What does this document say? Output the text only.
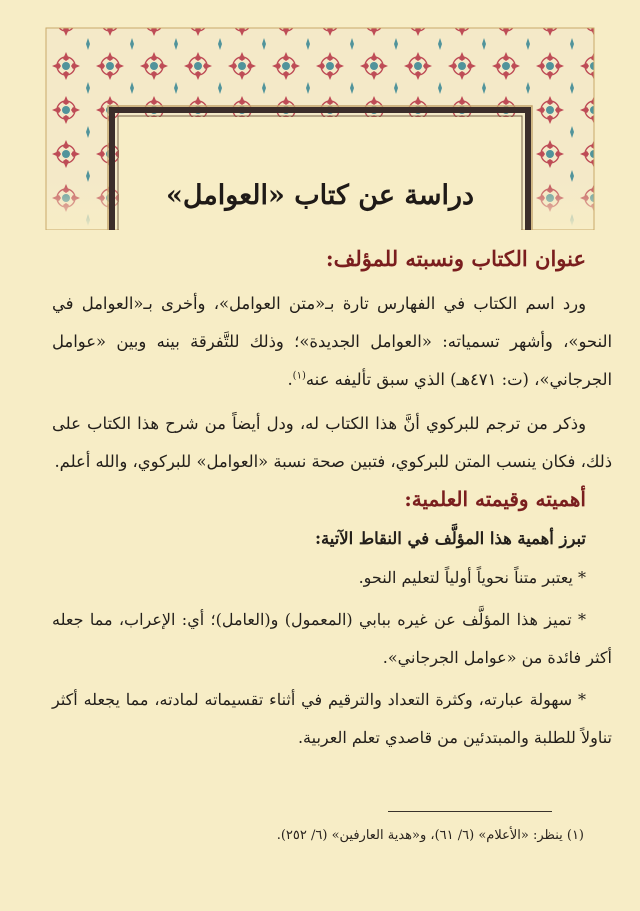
دراسة عن كتاب «العوامل»
عنوان الكتاب ونسبته للمؤلف:

ورد اسم الكتاب في الفهارس تارة بـ«متن العوامل»، وأخرى بـ«العوامل في النحو»، وأشهر تسمياته: «العوامل الجديدة»؛ وذلك للتَّفرقة بينه وبين «عوامل الجرجاني»، (ت: ٤٧١هـ) الذي سبق تأليفه عنه$^{(١)}$.

وذكر من ترجم للبركوي أنَّ هذا الكتاب له، ودل أيضاً من شرح هذا الكتاب على ذلك، فكان ينسب المتن للبركوي، فتبين صحة نسبة «العوامل» للبركوي، والله أعلم.

أهميته وقيمته العلمية:

تبرز أهمية هذا المؤلَّف في النقاط الآتية:

* يعتبر متناً نحوياً أولياً لتعليم النحو.

* تميز هذا المؤلَّف عن غيره ببابي (المعمول) و(العامل)؛ أي: الإعراب، مما جعله أكثر فائدة من «عوامل الجرجاني».

* سهولة عبارته، وكثرة التعداد والترقيم في أثناء تقسيماته لمادته، مما يجعله أكثر تناولاً للطلبة والمبتدئين من قاصدي تعلم العربية.

(١) ينظر: «الأعلام» (٦/ ٦١)، و«هدية العارفين» (٦/ ٢٥٢).
